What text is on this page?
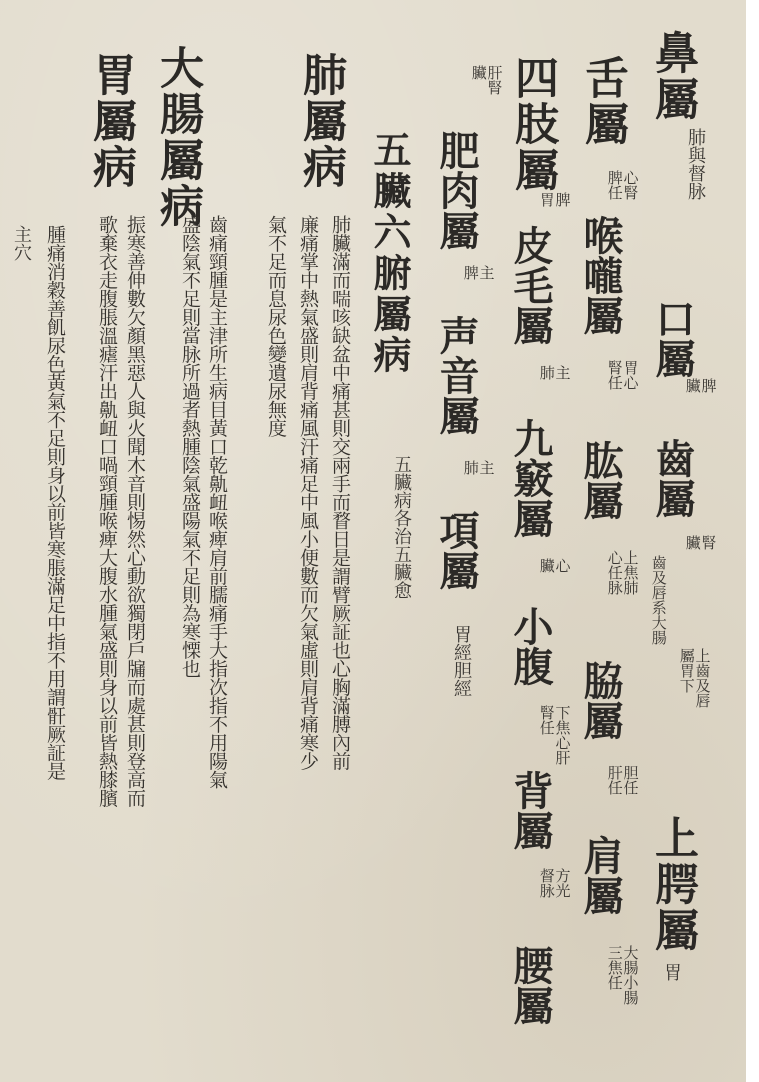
鼻屬
肺與督脉
口屬
脾
臟
齒屬
腎
臟
齒及唇系大腸
上齒及唇
屬胃下
上腭屬
胃
舌屬
心腎
脾任
喉嚨屬
胃心
腎任
肱屬
上焦肺
心任脉
脇屬
胆任
肝任
肩屬
大腸小腸
三焦任
四肢屬
脾
胃
皮毛屬
主
肺
九竅屬
心
臟
小腹
下焦心肝
腎任
背屬
方光
督脉
腰屬
肝腎
臟
肥肉屬
主
脾
声音屬
主
肺
項屬
胃經胆經
五臟六腑屬病
五臟病各治五臟愈
肺屬病
肺臟滿而喘咳缺盆中痛甚則交兩手而瞀日是謂臂厥証也心胸滿膊內前
廉痛掌中熱氣盛則肩背痛風汗痛足中風小便數而欠氣虛則肩背痛寒少
氣不足而息尿色變遺尿無度
大腸屬病
齒痛頸腫是主津所生病目黃口乾鼽衄喉痺肩前臑痛手大指次指不用陽氣
盛陰氣不足則當脉所過者熱腫陰氣盛陽氣不足則為寒慄也
振寒善伸數欠顏黑惡人與火聞木音則惕然心動欲獨閉戶牖而處甚則登高而
歌棄衣走腹脹溫瘧汗出鼽衄口喎頸腫喉痺大腹水腫氣盛則身以前皆熱膝臏
胃屬病
腫痛消穀善飢尿色黃氣不足則身以前皆寒脹滿足中指不用謂骭厥証是
主穴
